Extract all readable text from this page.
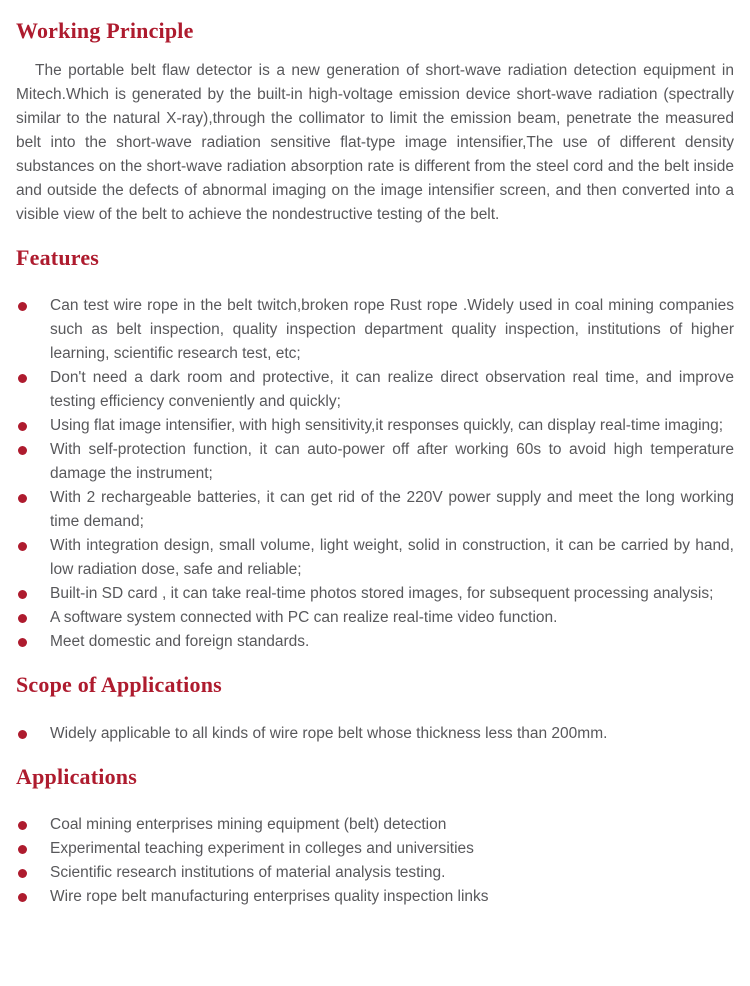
Working Principle

The portable belt flaw detector is a new generation of short-wave radiation detection equipment in Mitech.Which is generated by the built-in high-voltage emission device short-wave radiation (spectrally similar to the natural X-ray),through the collimator to limit the emission beam, penetrate the measured belt into the short-wave radiation sensitive flat-type image intensifier,The use of different density substances on the short-wave radiation absorption rate is different from the steel cord and the belt inside and outside the defects of abnormal imaging on the image intensifier screen, and then converted into a visible view of the belt to achieve the nondestructive testing of the belt.

Features
Can test wire rope in the belt twitch,broken rope Rust rope .Widely used in coal mining companies such as belt inspection, quality inspection department quality inspection, institutions of higher learning, scientific research test, etc;
Don't need a dark room and protective, it can realize direct observation real time, and improve testing efficiency conveniently and quickly;
Using flat image intensifier, with high sensitivity,it responses quickly, can display real-time imaging;
With self-protection function, it can auto-power off after working 60s to avoid high temperature damage the instrument;
With 2 rechargeable batteries, it can get rid of the 220V power supply and meet the long working time demand;
With integration design, small volume, light weight, solid in construction, it can be carried by hand, low radiation dose, safe and reliable;
Built-in SD card , it can take real-time photos stored images, for subsequent processing analysis;
A software system connected with PC can realize real-time video function.
Meet domestic and foreign standards.
Scope of Applications
Widely applicable to all kinds of wire rope belt whose thickness less than 200mm.
Applications
Coal mining enterprises mining equipment (belt) detection
Experimental teaching experiment in colleges and universities
Scientific research institutions of material analysis testing.
Wire rope belt manufacturing enterprises quality inspection links
